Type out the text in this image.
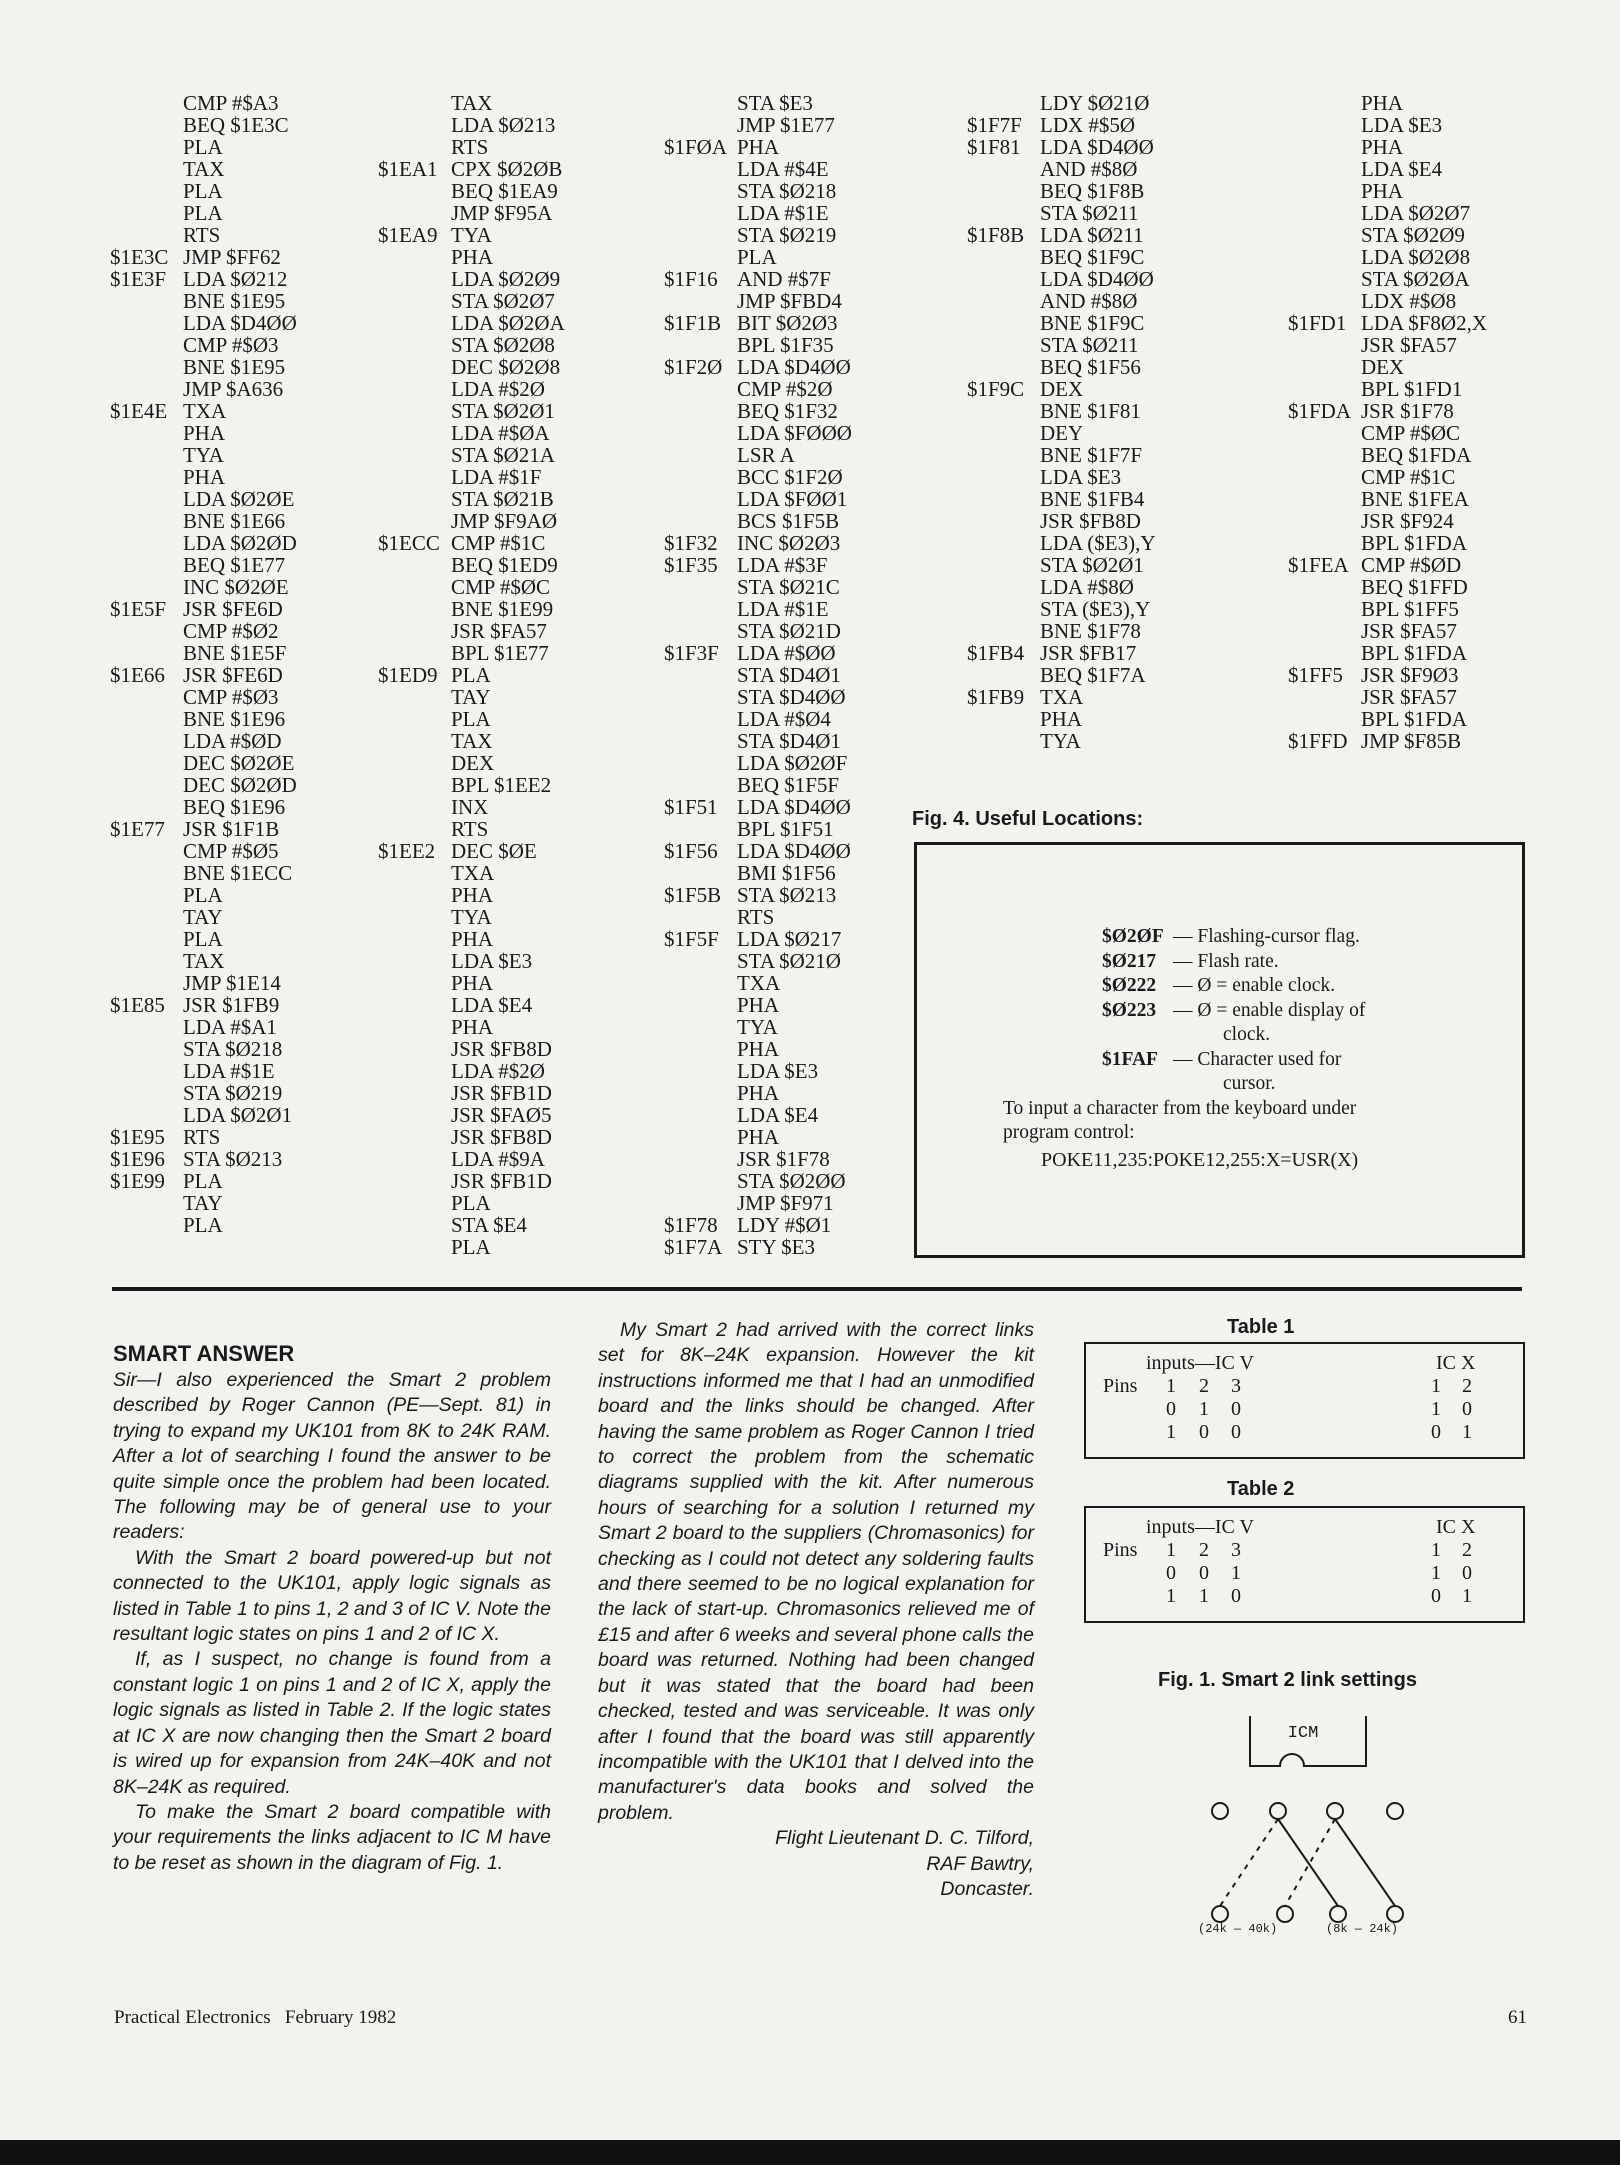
CMP #$A3
BEQ $1E3C
PLA
TAX
PLA
PLA
RTS
$1E3C JMP $FF62
$1E3F LDA $Ø212
BNE $1E95
LDA $D4ØØ
CMP #$Ø3
BNE $1E95
JMP $A636
$1E4E TXA
PHA
TYA
PHA
LDA $Ø2ØE
BNE $1E66
LDA $Ø2ØD
BEQ $1E77
INC $Ø2ØE
$1E5F JSR $FE6D
CMP #$Ø2
BNE $1E5F
$1E66 JSR $FE6D
CMP #$Ø3
BNE $1E96
LDA #$ØD
DEC $Ø2ØE
DEC $Ø2ØD
BEQ $1E96
$1E77 JSR $1F1B
CMP #$Ø5
BNE $1ECC
PLA
TAY
PLA
TAX
JMP $1E14
$1E85 JSR $1FB9
LDA #$A1
STA $Ø218
LDA #$1E
STA $Ø219
LDA $Ø2Ø1
$1E95 RTS
$1E96 STA $Ø213
$1E99 PLA
TAY
PLA
TAX
LDA $Ø213
RTS
$1EA1 CPX $Ø2ØB
BEQ $1EA9
JMP $F95A
$1EA9 TYA
PHA
LDA $Ø2Ø9
STA $Ø2Ø7
LDA $Ø2ØA
STA $Ø2Ø8
DEC $Ø2Ø8
LDA #$2Ø
STA $Ø2Ø1
LDA #$ØA
STA $Ø21A
LDA #$1F
STA $Ø21B
JMP $F9AØ
$1ECC CMP #$1C
BEQ $1ED9
CMP #$ØC
BNE $1E99
JSR $FA57
BPL $1E77
$1ED9 PLA
TAY
PLA
TAX
DEX
BPL $1EE2
INX
RTS
$1EE2 DEC $ØE
TXA
PHA
TYA
PHA
LDA $E3
PHA
LDA $E4
PHA
JSR $FB8D
LDA #$2Ø
JSR $FB1D
JSR $FAØ5
JSR $FB8D
LDA #$9A
JSR $FB1D
PLA
STA $E4
PLA
STA $E3
JMP $1E77
$1FØA PHA
LDA #$4E
STA $Ø218
LDA #$1E
STA $Ø219
PLA
$1F16 AND #$7F
JMP $FBD4
$1F1B BIT $Ø2Ø3
BPL $1F35
$1F2Ø LDA $D4ØØ
CMP #$2Ø
BEQ $1F32
LDA $FØØØ
LSR A
BCC $1F2Ø
LDA $FØØ1
BCS $1F5B
$1F32 INC $Ø2Ø3
$1F35 LDA #$3F
STA $Ø21C
LDA #$1E
STA $Ø21D
$1F3F LDA #$ØØ
STA $D4Ø1
STA $D4ØØ
LDA #$Ø4
STA $D4Ø1
LDA $Ø2ØF
BEQ $1F5F
$1F51 LDA $D4ØØ
BPL $1F51
$1F56 LDA $D4ØØ
BMI $1F56
$1F5B STA $Ø213
RTS
$1F5F LDA $Ø217
STA $Ø21Ø
TXA
PHA
TYA
PHA
LDA $E3
PHA
LDA $E4
PHA
JSR $1F78
STA $Ø2ØØ
JMP $F971
$1F78 LDY #$Ø1
$1F7A STY $E3
LDY $Ø21Ø
$1F7F LDX #$5Ø
$1F81 LDA $D4ØØ
AND #$8Ø
BEQ $1F8B
STA $Ø211
$1F8B LDA $Ø211
BEQ $1F9C
LDA $D4ØØ
AND #$8Ø
BNE $1F9C
STA $Ø211
BEQ $1F56
$1F9C DEX
BNE $1F81
DEY
BNE $1F7F
LDA $E3
BNE $1FB4
JSR $FB8D
LDA ($E3),Y
STA $Ø2Ø1
LDA #$8Ø
STA ($E3),Y
BNE $1F78
$1FB4 JSR $FB17
BEQ $1F7A
$1FB9 TXA
PHA
TYA
PHA
LDA $E3
PHA
LDA $E4
PHA
LDA $Ø2Ø7
STA $Ø2Ø9
LDA $Ø2Ø8
STA $Ø2ØA
LDX #$Ø8
$1FD1 LDA $F8Ø2,X
JSR $FA57
DEX
BPL $1FD1
$1FDA JSR $1F78
CMP #$ØC
BEQ $1FDA
CMP #$1C
BNE $1FEA
JSR $F924
BPL $1FDA
$1FEA CMP #$ØD
BEQ $1FFD
BPL $1FF5
JSR $FA57
BPL $1FDA
$1FF5 JSR $F9Ø3
JSR $FA57
BPL $1FDA
$1FFD JMP $F85B
Fig. 4. Useful Locations:
$Ø2ØF — Flashing-cursor flag.
$Ø217 — Flash rate.
$Ø222 — Ø = enable clock.
$Ø223 — Ø = enable display of
clock.
$1FAF — Character used for
cursor.
To input a character from the keyboard under
program control:
POKE11,235:POKE12,255:X=USR(X)
SMART ANSWER

Sir—I also experienced the Smart 2 problem described by Roger Cannon (PE—Sept. 81) in trying to expand my UK101 from 8K to 24K RAM. After a lot of searching I found the answer to be quite simple once the problem had been located. The following may be of general use to your readers:

With the Smart 2 board powered-up but not connected to the UK101, apply logic signals as listed in Table 1 to pins 1, 2 and 3 of IC V. Note the resultant logic states on pins 1 and 2 of IC X.

If, as I suspect, no change is found from a constant logic 1 on pins 1 and 2 of IC X, apply the logic signals as listed in Table 2. If the logic states at IC X are now changing then the Smart 2 board is wired up for expansion from 24K–40K and not 8K–24K as required.

To make the Smart 2 board compatible with your requirements the links adjacent to IC M have to be reset as shown in the diagram of Fig. 1.

My Smart 2 had arrived with the correct links set for 8K–24K expansion. However the kit instructions informed me that I had an unmodified board and the links should be changed. After having the same problem as Roger Cannon I tried to correct the problem from the schematic diagrams supplied with the kit. After numerous hours of searching for a solution I returned my Smart 2 board to the suppliers (Chromasonics) for checking as I could not detect any soldering faults and there seemed to be no logical explanation for the lack of start-up. Chromasonics relieved me of £15 and after 6 weeks and several phone calls the board was returned. Nothing had been changed but it was stated that the board had been checked, tested and was serviceable. It was only after I found that the board was still apparently incompatible with the UK101 that I delved into the manufacturer's data books and solved the problem.

Flight Lieutenant D. C. Tilford,
RAF Bawtry,
Doncaster.
Table 1
inputs—IC V	IC X
Pins 1 2 3	1 2
0 1 0	1 0
1 0 0	0 1
Table 2
inputs—IC V	IC X
Pins 1 2 3	1 2
0 0 1	1 0
1 1 0	0 1
Fig. 1. Smart 2 link settings
ICM
(24k — 40k)	(8k — 24k)
Practical Electronics   February 1982	61
